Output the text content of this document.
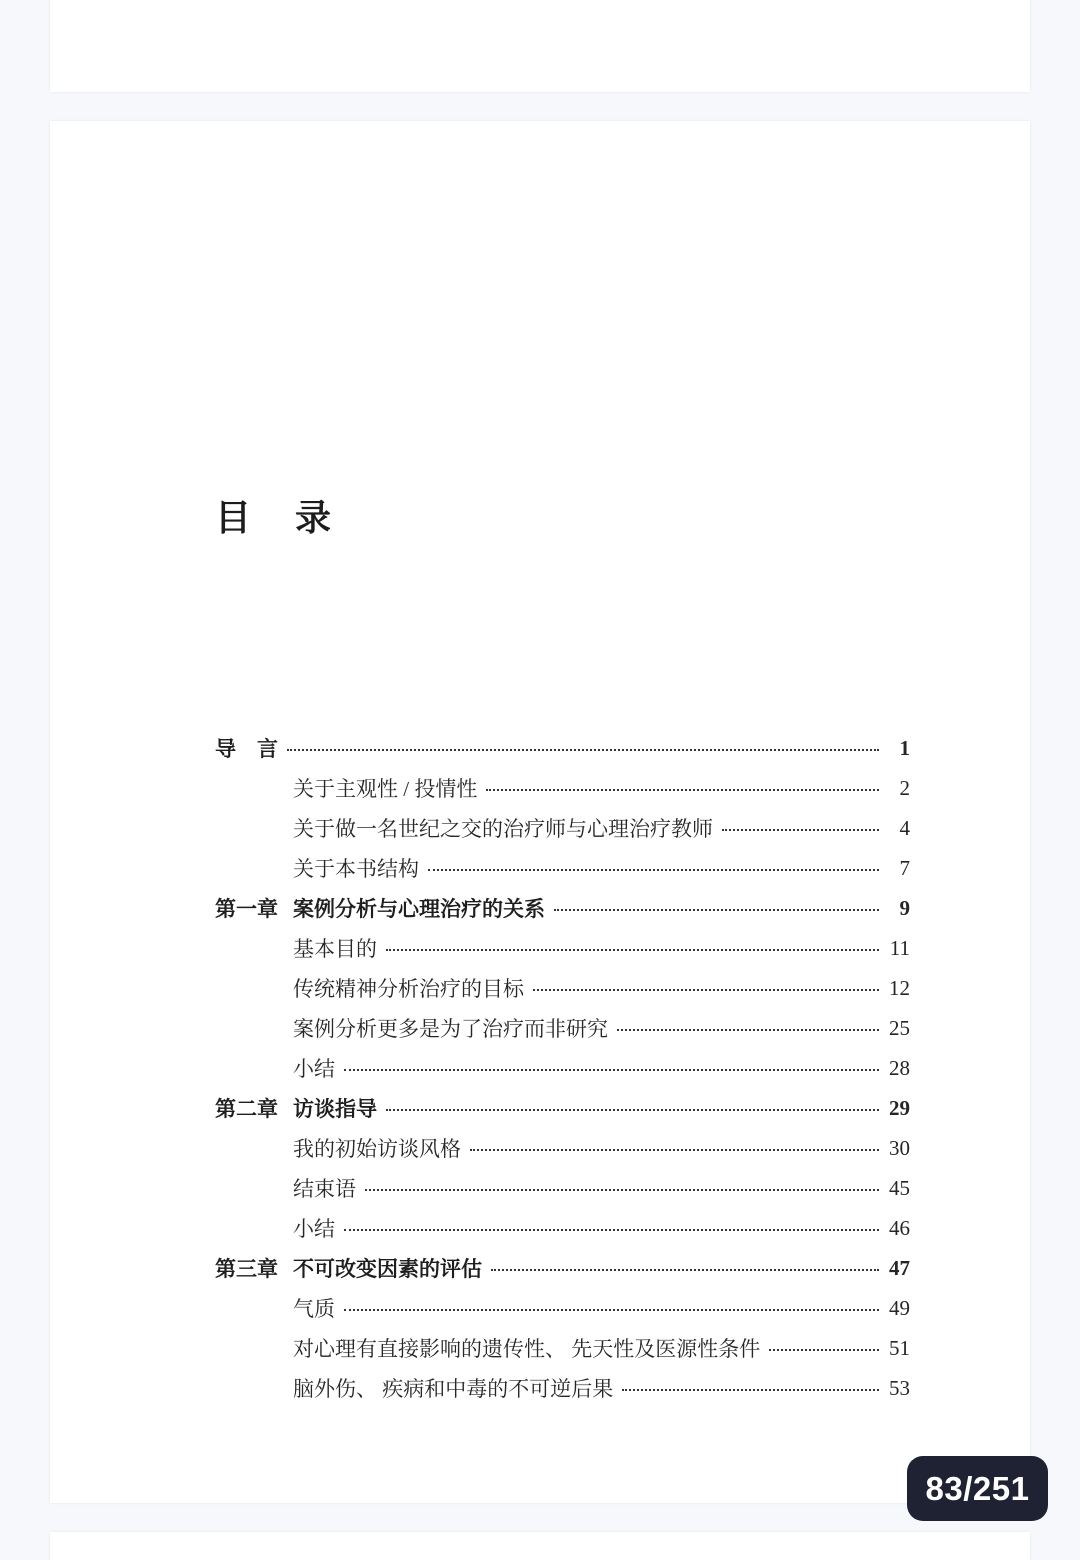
目　录
导　言	1
关于主观性 / 投情性	2
关于做一名世纪之交的治疗师与心理治疗教师	4
关于本书结构	7
第一章 案例分析与心理治疗的关系	9
基本目的	11
传统精神分析治疗的目标	12
案例分析更多是为了治疗而非研究	25
小结	28
第二章 访谈指导	29
我的初始访谈风格	30
结束语	45
小结	46
第三章 不可改变因素的评估	47
气质	49
对心理有直接影响的遗传性、 先天性及医源性条件	51
脑外伤、 疾病和中毒的不可逆后果	53
83/251
